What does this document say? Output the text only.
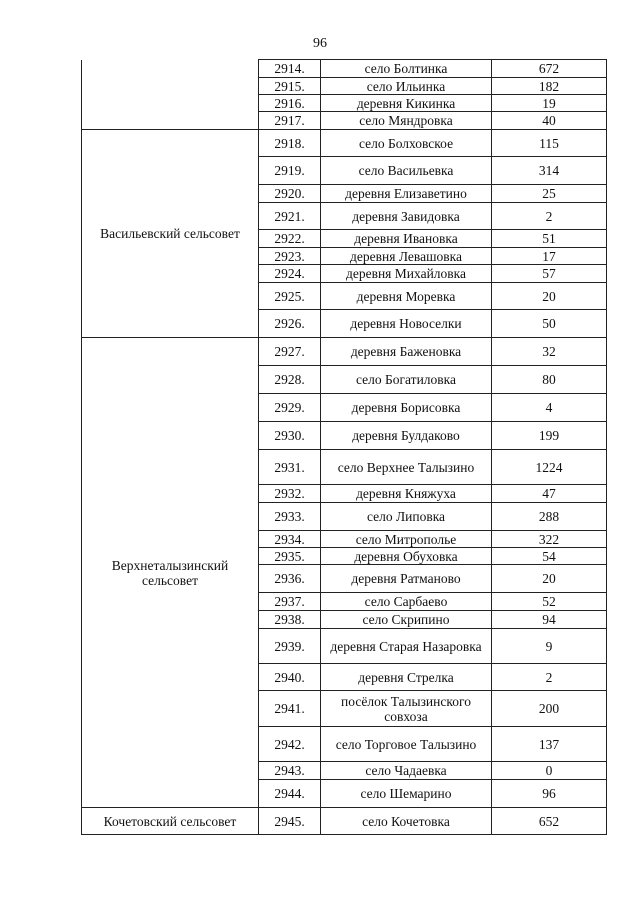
96
	2914.	село Болтинка	672
	2915.	село Ильинка	182
	2916.	деревня Кикинка	19
	2917.	село Мяндровка	40
Васильевский сельсовет	2918.	село Болховское	115
	2919.	село Васильевка	314
	2920.	деревня Елизаветино	25
	2921.	деревня Завидовка	2
	2922.	деревня Ивановка	51
	2923.	деревня Левашовка	17
	2924.	деревня Михайловка	57
	2925.	деревня Моревка	20
	2926.	деревня Новоселки	50
Верхнеталызинский сельсовет	2927.	деревня Баженовка	32
	2928.	село Богатиловка	80
	2929.	деревня Борисовка	4
	2930.	деревня Булдаково	199
	2931.	село Верхнее Талызино	1224
	2932.	деревня Княжуха	47
	2933.	село Липовка	288
	2934.	село Митрополье	322
	2935.	деревня Обуховка	54
	2936.	деревня Ратманово	20
	2937.	село Сарбаево	52
	2938.	село Скрипино	94
	2939.	деревня Старая Назаровка	9
	2940.	деревня Стрелка	2
	2941.	посёлок Талызинского совхоза	200
	2942.	село Торговое Талызино	137
	2943.	село Чадаевка	0
	2944.	село Шемарино	96
Кочетовский сельсовет	2945.	село Кочетовка	652
